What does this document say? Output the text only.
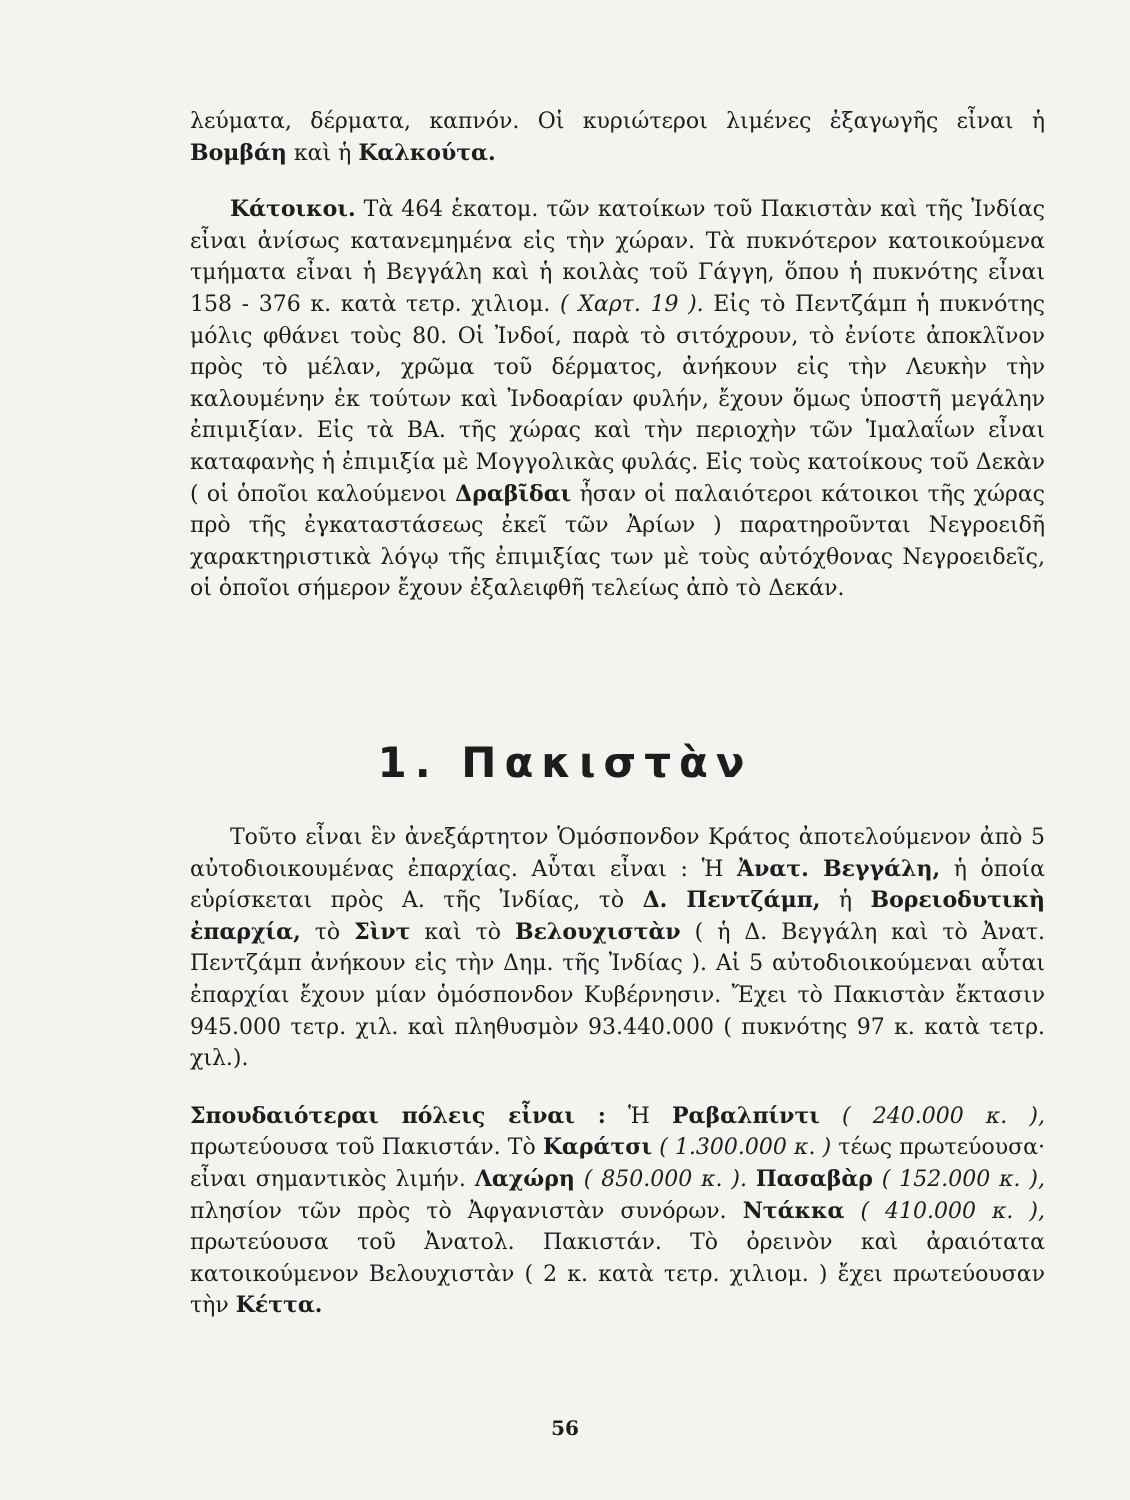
λεύματα, δέρματα, καπνόν. Οἱ κυριώτεροι λιμένες ἐξαγωγῆς εἶναι ἡ Βομβάη καὶ ἡ Καλκούτα.

Κάτοικοι. Τὰ 464 ἑκατομ. τῶν κατοίκων τοῦ Πακιστὰν καὶ τῆς Ἰνδίας εἶναι ἀνίσως κατανεμημένα εἰς τὴν χώραν. Τὰ πυκνότερον κατοικούμενα τμήματα εἶναι ἡ Βεγγάλη καὶ ἡ κοιλὰς τοῦ Γάγγη, ὅπου ἡ πυκνότης εἶναι 158 - 376 κ. κατὰ τετρ. χιλιομ. ( Χαρτ. 19 ). Εἰς τὸ Πεντζάμπ ἡ πυκνότης μόλις φθάνει τοὺς 80. Οἱ Ἰνδοί, παρὰ τὸ σιτόχρουν, τὸ ἐνίοτε ἀποκλῖνον πρὸς τὸ μέλαν, χρῶμα τοῦ δέρματος, ἀνήκουν εἰς τὴν Λευκὴν τὴν καλουμένην ἐκ τούτων καὶ Ἰνδοαρίαν φυλήν, ἔχουν ὅμως ὑποστῆ μεγάλην ἐπιμιξίαν. Εἰς τὰ ΒΑ. τῆς χώρας καὶ τὴν περιοχὴν τῶν Ἱμαλαΐων εἶναι καταφανὴς ἡ ἐπιμιξία μὲ Μογγολικὰς φυλάς. Εἰς τοὺς κατοίκους τοῦ Δεκὰν ( οἱ ὁποῖοι καλούμενοι Δραβῖδαι ἦσαν οἱ παλαιότεροι κάτοικοι τῆς χώρας πρὸ τῆς ἐγκαταστάσεως ἐκεῖ τῶν Ἀρίων ) παρατηροῦνται Νεγροειδῆ χαρακτηριστικὰ λόγῳ τῆς ἐπιμιξίας των μὲ τοὺς αὐτόχθονας Νεγροειδεῖς, οἱ ὁποῖοι σήμερον ἔχουν ἐξαλειφθῆ τελείως ἀπὸ τὸ Δεκάν.

1. Πακιστὰν

Τοῦτο εἶναι ἓν ἀνεξάρτητον Ὁμόσπονδον Κράτος ἀποτελούμενον ἀπὸ 5 αὐτοδιοικουμένας ἐπαρχίας. Αὗται εἶναι : Ἡ Ἀνατ. Βεγγάλη, ἡ ὁποία εὑρίσκεται πρὸς Α. τῆς Ἰνδίας, τὸ Δ. Πεντζάμπ, ἡ Βορειοδυτικὴ ἐπαρχία, τὸ Σὶντ καὶ τὸ Βελουχιστὰν ( ἡ Δ. Βεγγάλη καὶ τὸ Ἀνατ. Πεντζάμπ ἀνήκουν εἰς τὴν Δημ. τῆς Ἰνδίας ). Αἱ 5 αὐτοδιοικούμεναι αὗται ἐπαρχίαι ἔχουν μίαν ὁμόσπονδον Κυβέρνησιν. Ἔχει τὸ Πακιστὰν ἔκτασιν 945.000 τετρ. χιλ. καὶ πληθυσμὸν 93.440.000 ( πυκνότης 97 κ. κατὰ τετρ. χιλ.).

Σπουδαιότεραι πόλεις εἶναι : Ἡ Ραβαλπίντι ( 240.000 κ. ), πρωτεύουσα τοῦ Πακιστάν. Τὸ Καράτσι ( 1.300.000 κ. ) τέως πρωτεύουσα· εἶναι σημαντικὸς λιμήν. Λαχώρη ( 850.000 κ. ). Πασαβὰρ ( 152.000 κ. ), πλησίον τῶν πρὸς τὸ Ἀφγανιστὰν συνόρων. Ντάκκα ( 410.000 κ. ), πρωτεύουσα τοῦ Ἀνατολ. Πακιστάν. Τὸ ὀρεινὸν καὶ ἀραιότατα κατοικούμενον Βελουχιστὰν ( 2 κ. κατὰ τετρ. χιλιομ. ) ἔχει πρωτεύουσαν τὴν Κέττα.

56
